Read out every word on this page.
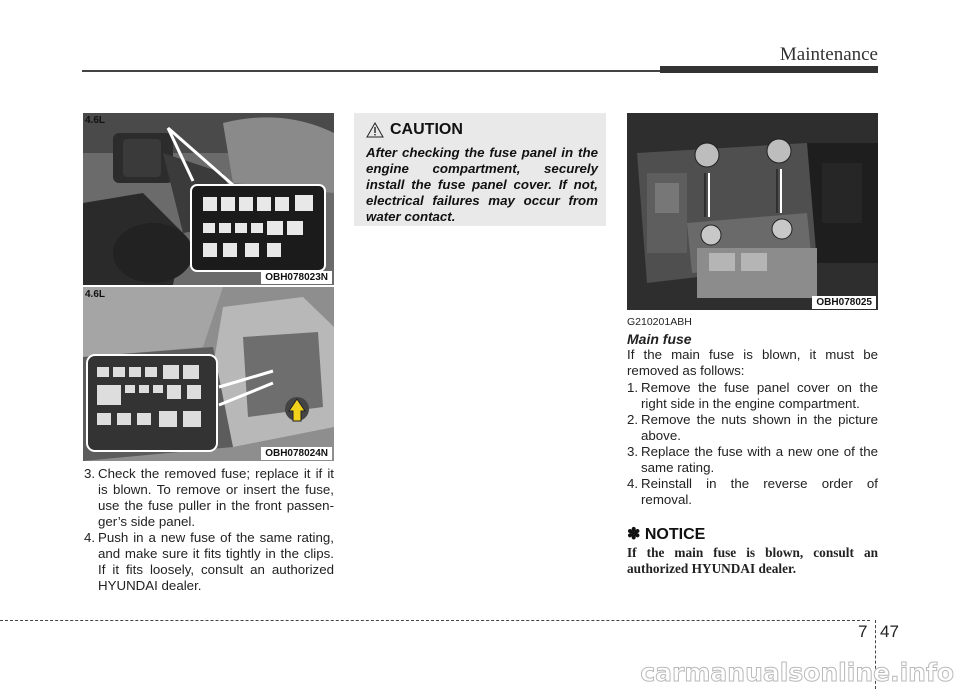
Maintenance
4.6L
OBH078023N
4.6L
OBH078024N
3. Check the removed fuse; replace it if it is blown. To remove or insert the fuse, use the fuse puller in the front passen-ger’s side panel.
4. Push in a new fuse of the same rating, and make sure it fits tightly in the clips. If it fits loosely, consult an authorized HYUNDAI dealer.
CAUTION
After checking the fuse panel in the engine compartment, securely install the fuse panel cover. If not, electrical failures may occur from water contact.
OBH078025
G210201ABH
Main fuse
If the main fuse is blown, it must be removed as follows:
1. Remove the fuse panel cover on the right side in the engine compartment.
2. Remove the nuts shown in the picture above.
3. Replace the fuse with a new one of the same rating.
4. Reinstall in the reverse order of removal.
✽ NOTICE
If the main fuse is blown, consult an authorized HYUNDAI dealer.
7 47
carmanualsonline.info
